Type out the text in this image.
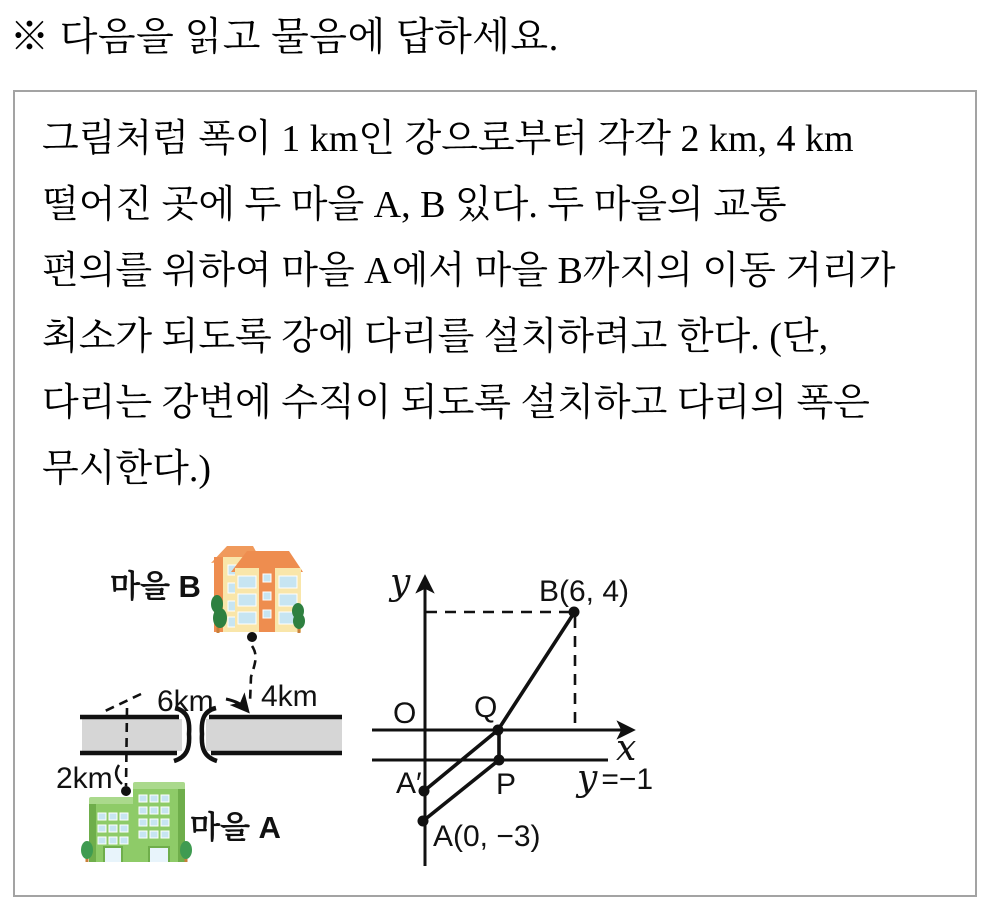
※ 다음을 읽고 물음에 답하세요.
그림처럼 폭이 1 km인 강으로부터 각각 2 km, 4 km
떨어진 곳에 두 마을 A, B 있다. 두 마을의 교통
편의를 위하여 마을 A에서 마을 B까지의 이동 거리가
최소가 되도록 강에 다리를 설치하려고 한다. (단,
다리는 강변에 수직이 되도록 설치하고 다리의 폭은
무시한다.)
마을 B
마을 A
6km 4km
2km
y
x
O Q
P
A′
B(6, 4)
A(0, −3)
y =−1
